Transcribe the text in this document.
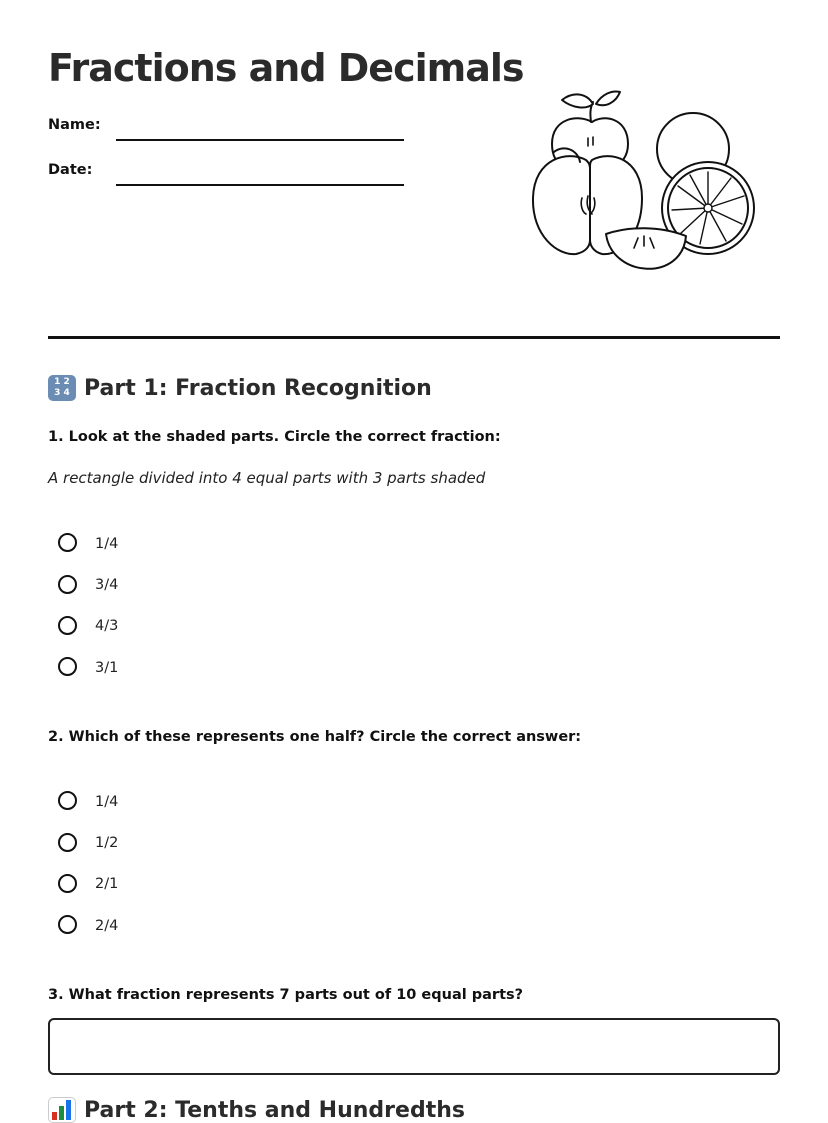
Fractions and Decimals
Name:
Date:
1 2
3 4 Part 1: Fraction Recognition

1. Look at the shaded parts. Circle the correct fraction:

A rectangle divided into 4 equal parts with 3 parts shaded

1/4
3/4
4/3
3/1

2. Which of these represents one half? Circle the correct answer:

1/4
1/2
2/1
2/4

3. What fraction represents 7 parts out of 10 equal parts?

Part 2: Tenths and Hundredths
